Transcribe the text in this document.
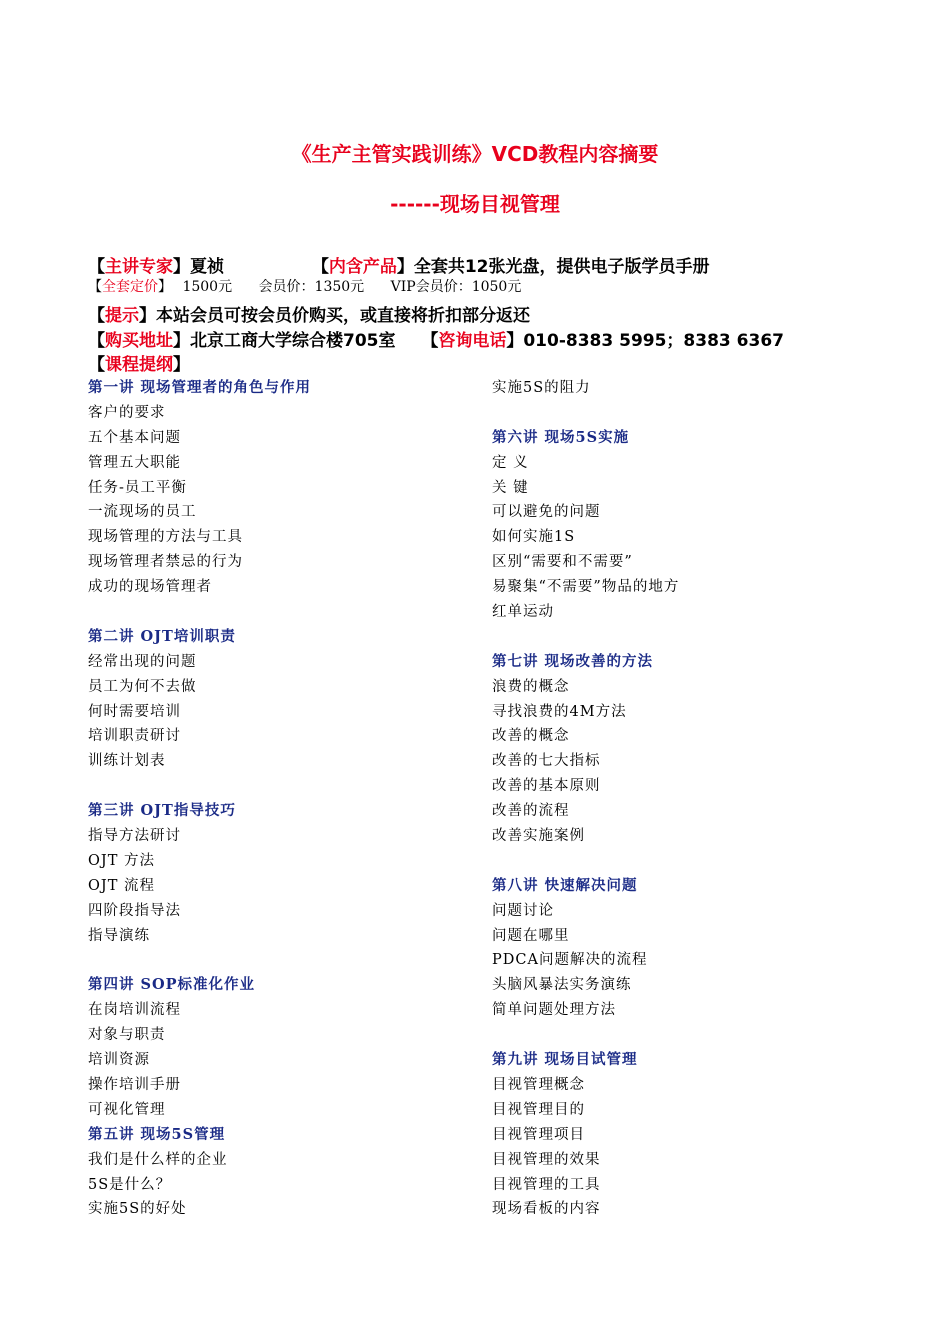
《生产主管实践训练》VCD教程内容摘要
------现场目视管理
【主讲专家】夏祯	【内含产品】全套共12张光盘，提供电子版学员手册
【全套定价】 1500元 会员价：1350元 VIP会员价：1050元
【提示】本站会员可按会员价购买，或直接将折扣部分返还
【购买地址】北京工商大学综合楼705室 【咨询电话】010-8383 5995；8383 6367
【课程提纲】
第一讲 现场管理者的角色与作用
客户的要求
五个基本问题
管理五大职能
任务-员工平衡
一流现场的员工
现场管理的方法与工具
现场管理者禁忌的行为
成功的现场管理者
第二讲 OJT培训职责
经常出现的问题
员工为何不去做
何时需要培训
培训职责研讨
训练计划表
第三讲 OJT指导技巧
指导方法研讨
OJT 方法
OJT 流程
四阶段指导法
指导演练
第四讲 SOP标准化作业
在岗培训流程
对象与职责
培训资源
操作培训手册
可视化管理
第五讲 现场5S管理
我们是什么样的企业
5S是什么？
实施5S的好处
实施5S的阻力
第六讲 现场5S实施
定 义
关 键
可以避免的问题
如何实施1S
区别“需要和不需要”
易聚集“不需要”物品的地方
红单运动
第七讲 现场改善的方法
浪费的概念
寻找浪费的4M方法
改善的概念
改善的七大指标
改善的基本原则
改善的流程
改善实施案例
第八讲 快速解决问题
问题讨论
问题在哪里
PDCA问题解决的流程
头脑风暴法实务演练
简单问题处理方法
第九讲 现场目试管理
目视管理概念
目视管理目的
目视管理项目
目视管理的效果
目视管理的工具
现场看板的内容
